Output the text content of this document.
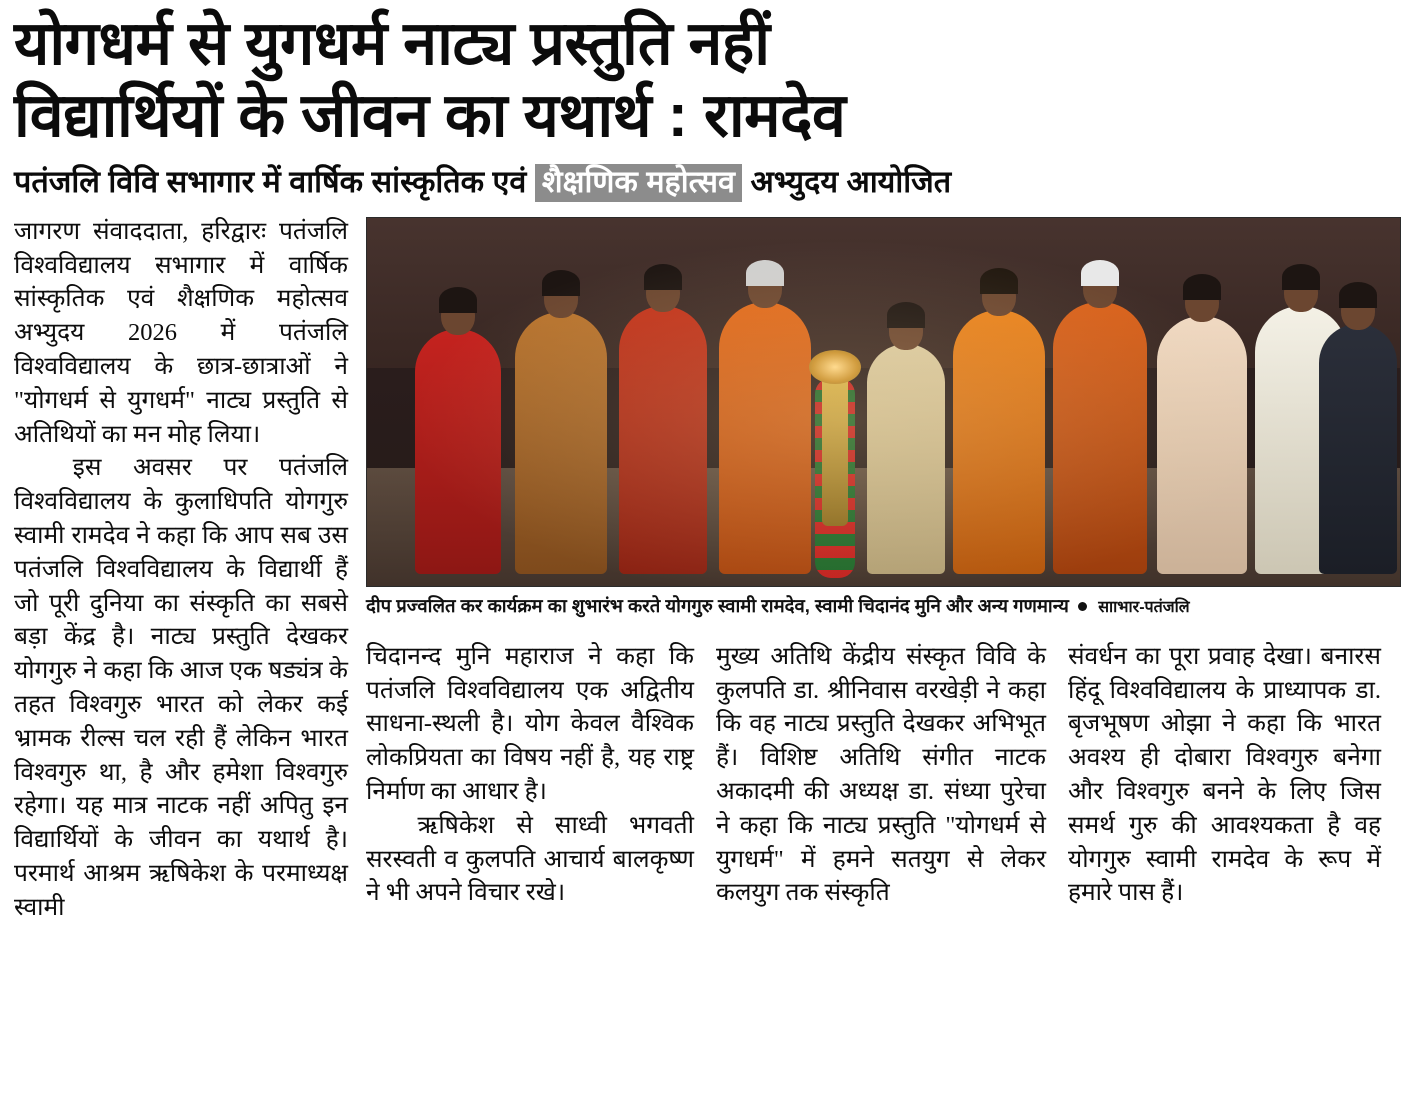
योगधर्म से युगधर्म नाट्य प्रस्तुति नहीं
विद्यार्थियों के जीवन का यथार्थ : रामदेव
पतंजलि विवि सभागार में वार्षिक सांस्कृतिक एवं शैक्षणिक महोत्सव अभ्युदय आयोजित

जागरण संवाददाता, हरिद्वारः पतंजलि विश्वविद्यालय सभागार में वार्षिक सांस्कृतिक एवं शैक्षणिक महोत्सव अभ्युदय 2026 में पतंजलि विश्वविद्यालय के छात्र-छात्राओं ने "योगधर्म से युगधर्म" नाट्य प्रस्तुति से अतिथियों का मन मोह लिया।

इस अवसर पर पतंजलि विश्वविद्यालय के कुलाधिपति योगगुरु स्वामी रामदेव ने कहा कि आप सब उस पतंजलि विश्वविद्यालय के विद्यार्थी हैं जो पूरी दुनिया का संस्कृति का सबसे बड़ा केंद्र है। नाट्य प्रस्तुति देखकर योगगुरु ने कहा कि आज एक षड्यंत्र के तहत विश्वगुरु भारत को लेकर कई भ्रामक रील्स चल रही हैं लेकिन भारत विश्वगुरु था, है और हमेशा विश्वगुरु रहेगा। यह मात्र नाटक नहीं अपितु इन विद्यार्थियों के जीवन का यथार्थ है। परमार्थ आश्रम ऋषिकेश के परमाध्यक्ष स्वामी

दीप प्रज्वलित कर कार्यक्रम का शुभारंभ करते योगगुरु स्वामी रामदेव, स्वामी चिदानंद मुनि और अन्य गणमान्य सााभार-पतंजलि

चिदानन्द मुनि महाराज ने कहा कि पतंजलि विश्वविद्यालय एक अद्वितीय साधना-स्थली है। योग केवल वैश्विक लोकप्रियता का विषय नहीं है, यह राष्ट्र निर्माण का आधार है।

ऋषिकेश से साध्वी भगवती सरस्वती व कुलपति आचार्य बालकृष्ण ने भी अपने विचार रखे।

मुख्य अतिथि केंद्रीय संस्कृत विवि के कुलपति डा. श्रीनिवास वरखेड़ी ने कहा कि वह नाट्य प्रस्तुति देखकर अभिभूत हैं। विशिष्ट अतिथि संगीत नाटक अकादमी की अध्यक्ष डा. संध्या पुरेचा ने कहा कि नाट्य प्रस्तुति "योगधर्म से युगधर्म" में हमने सतयुग से लेकर कलयुग तक संस्कृति

संवर्धन का पूरा प्रवाह देखा। बनारस हिंदू विश्वविद्यालय के प्राध्यापक डा. बृजभूषण ओझा ने कहा कि भारत अवश्य ही दोबारा विश्वगुरु बनेगा और विश्वगुरु बनने के लिए जिस समर्थ गुरु की आवश्यकता है वह योगगुरु स्वामी रामदेव के रूप में हमारे पास हैं।
